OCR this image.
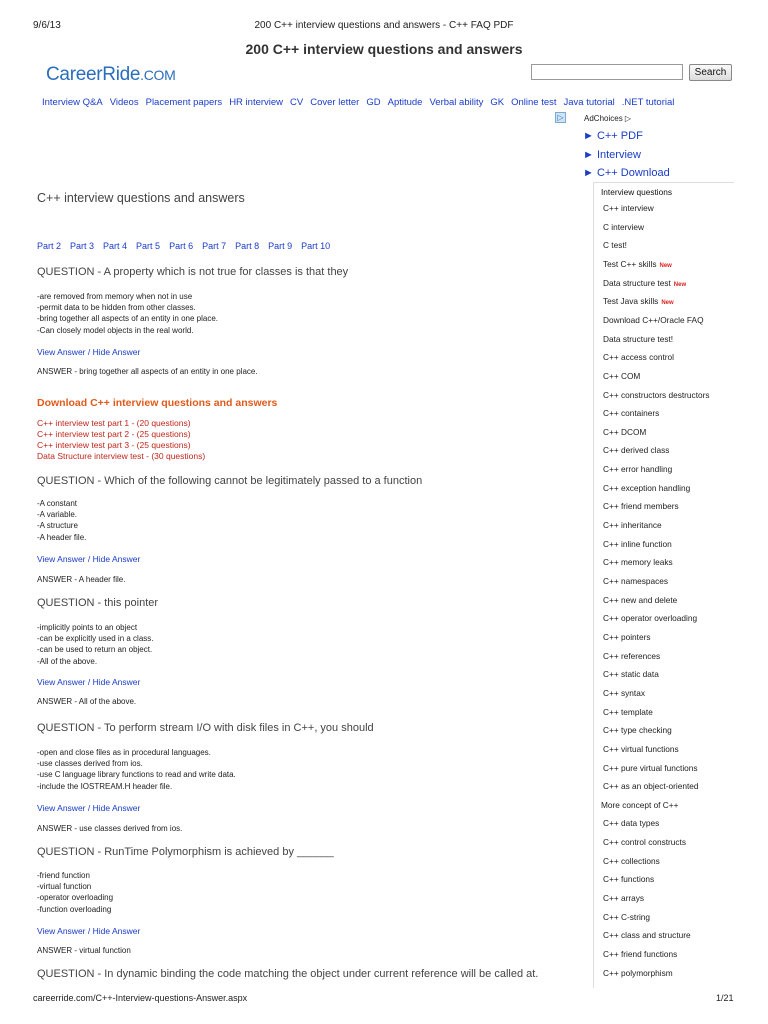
9/6/13	200 C++ interview questions and answers - C++ FAQ PDF
200 C++ interview questions and answers
CareerRide.COM	Search
Interview Q&A Videos Placement papers HR interview CV Cover letter GD Aptitude Verbal ability GK Online test Java tutorial .NET tutorial
▷	AdChoices ▷
► C++ PDF
► Interview
► C++ Download
C++ interview questions and answers
Part 2 Part 3 Part 4 Part 5 Part 6 Part 7 Part 8 Part 9 Part 10
QUESTION - A property which is not true for classes is that they
-are removed from memory when not in use
-permit data to be hidden from other classes.
-bring together all aspects of an entity in one place.
-Can closely model objects in the real world.
View Answer / Hide Answer
ANSWER - bring together all aspects of an entity in one place.
Download C++ interview questions and answers
C++ interview test part 1 - (20 questions)
C++ interview test part 2 - (25 questions)
C++ interview test part 3 - (25 questions)
Data Structure interview test - (30 questions)
QUESTION - Which of the following cannot be legitimately passed to a function
-A constant
-A variable.
-A structure
-A header file.
View Answer / Hide Answer
ANSWER - A header file.
QUESTION - this pointer
-implicitly points to an object
-can be explicitly used in a class.
-can be used to return an object.
-All of the above.
View Answer / Hide Answer
ANSWER - All of the above.
QUESTION - To perform stream I/O with disk files in C++, you should
-open and close files as in procedural languages.
-use classes derived from ios.
-use C language library functions to read and write data.
-include the IOSTREAM.H header file.
View Answer / Hide Answer
ANSWER - use classes derived from ios.
QUESTION - RunTime Polymorphism is achieved by ______
-friend function
-virtual function
-operator overloading
-function overloading
View Answer / Hide Answer
ANSWER - virtual function
QUESTION - In dynamic binding the code matching the object under current reference will be called at.
Interview questions
C++ interview
C interview
C test!
Test C++ skills New
Data structure test New
Test Java skills New
Download C++/Oracle FAQ
Data structure test!
C++ access control
C++ COM
C++ constructors destructors
C++ containers
C++ DCOM
C++ derived class
C++ error handling
C++ exception handling
C++ friend members
C++ inheritance
C++ inline function
C++ memory leaks
C++ namespaces
C++ new and delete
C++ operator overloading
C++ pointers
C++ references
C++ static data
C++ syntax
C++ template
C++ type checking
C++ virtual functions
C++ pure virtual functions
C++ as an object-oriented
More concept of C++
C++ data types
C++ control constructs
C++ collections
C++ functions
C++ arrays
C++ C-string
C++ class and structure
C++ friend functions
C++ polymorphism
careerride.com/C++-Interview-questions-Answer.aspx	1/21
